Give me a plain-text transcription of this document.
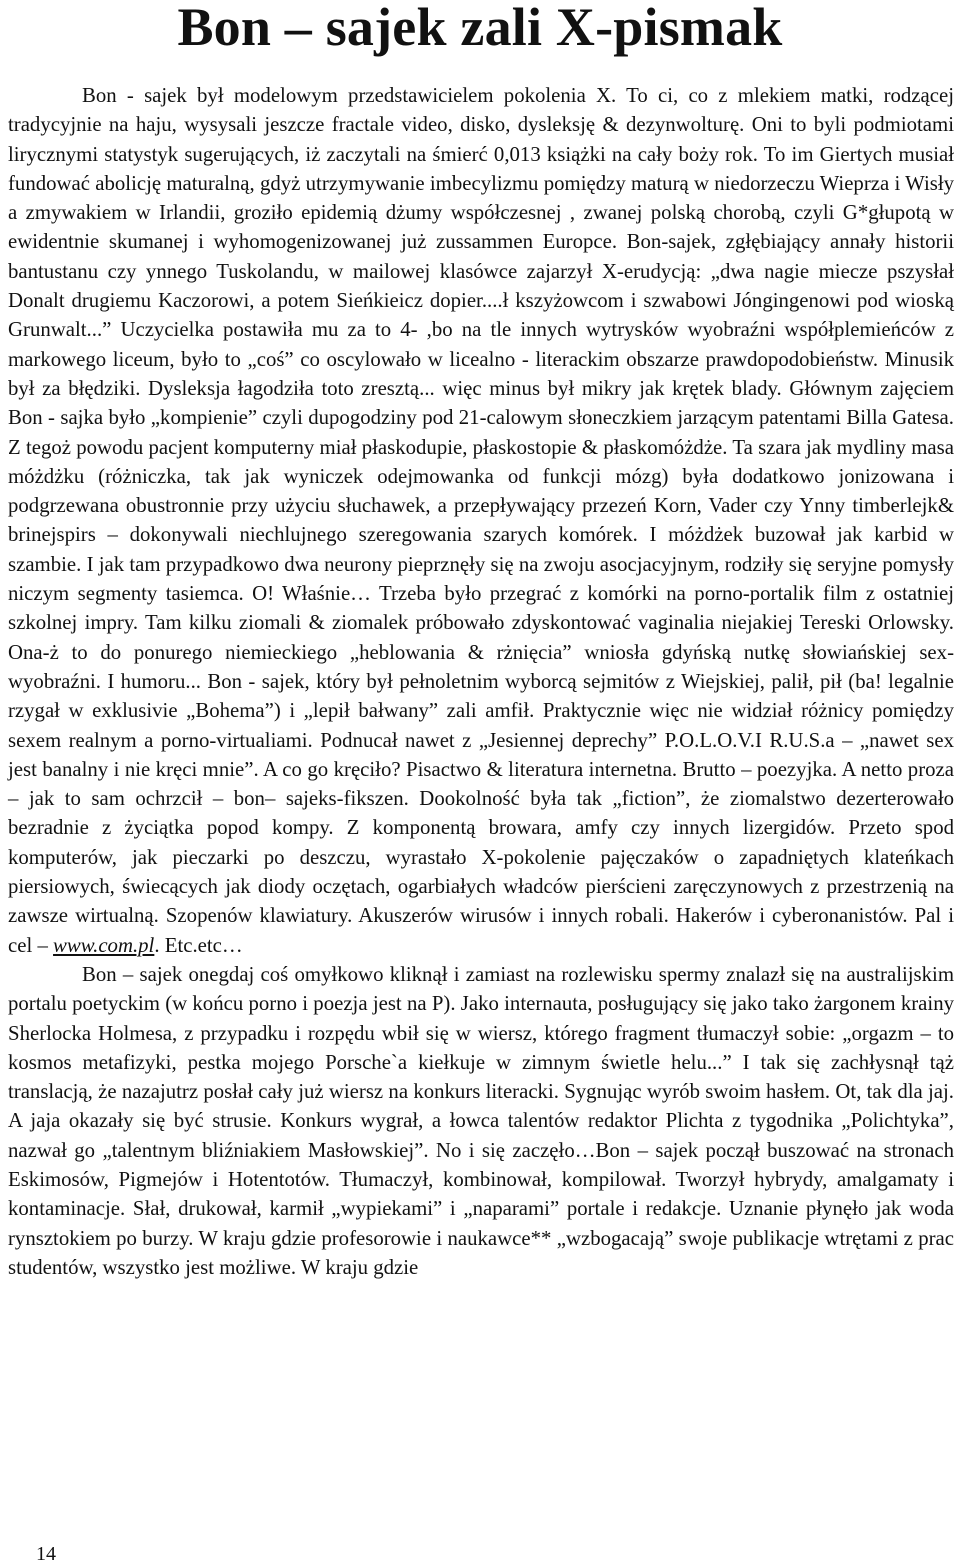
Bon – sajek zali X-pismak

Bon - sajek był modelowym przedstawicielem pokolenia X. To ci, co z mlekiem matki, rodzącej tradycyjnie na haju, wysysali jeszcze fractale video, disko, dysleksję & dezynwolturę. Oni to byli podmiotami lirycznymi statystyk sugerujących, iż zaczytali na śmierć 0,013 książki na cały boży rok. To im Giertych musiał fundować abolicję maturalną, gdyż utrzymywanie imbecylizmu pomiędzy maturą w niedorzeczu Wieprza i Wisły a zmywakiem w Irlandii, groziło epidemią dżumy współczesnej , zwanej polską chorobą, czyli G*głupotą w ewidentnie skumanej i wyhomogenizowanej już zussammen Europce. Bon-sajek, zgłębiający annały historii bantustanu czy ynnego Tuskolandu, w mailowej klasówce zajarzył X-erudycją: „dwa nagie miecze pszysłał Donalt drugiemu Kaczorowi, a potem Sieńkieicz dopier....ł kszyżowcom i szwabowi Jóngingenowi pod wioską Grunwalt...” Uczycielka postawiła mu za to 4- ,bo na tle innych wytrysków wyobraźni współplemieńców z markowego liceum, było to „coś” co oscylowało w licealno - literackim obszarze prawdopodobieństw. Minusik był za błędziki. Dysleksja łagodziła toto zresztą... więc minus był mikry jak krętek blady. Głównym zajęciem Bon - sajka było „kompienie” czyli dupogodziny pod 21-calowym słoneczkiem jarzącym patentami Billa Gatesa. Z tegoż powodu pacjent komputerny miał płaskodupie, płaskostopie & płaskomóżdże. Ta szara jak mydliny masa móżdżku (różniczka, tak jak wyniczek odejmowanka od funkcji mózg) była dodatkowo jonizowana i podgrzewana obustronnie przy użyciu słuchawek, a przepływający przezeń Korn, Vader czy Ynny timberlejk& brinejspirs – dokonywali niechlujnego szeregowania szarych komórek. I móżdżek buzował jak karbid w szambie. I jak tam przypadkowo dwa neurony pieprznęły się na zwoju asocjacyjnym, rodziły się seryjne pomysły niczym segmenty tasiemca. O! Właśnie… Trzeba było przegrać z komórki na porno-portalik film z ostatniej szkolnej impry. Tam kilku ziomali & ziomalek próbowało zdyskontować vaginalia niejakiej Tereski Orlowsky. Ona-ż to do ponurego niemieckiego „heblowania & rżnięcia” wniosła gdyńską nutkę słowiańskiej sex-wyobraźni. I humoru... Bon - sajek, który był pełnoletnim wyborcą sejmitów z Wiejskiej, palił, pił (ba! legalnie rzygał w exklusivie „Bohema”) i „lepił bałwany” zali amfił. Praktycznie więc nie widział różnicy pomiędzy sexem realnym a porno-virtualiami. Podnucał nawet z „Jesiennej deprechy” P.O.L.O.V.I R.U.S.a – „nawet sex jest banalny i nie kręci mnie”. A co go kręciło? Pisactwo & literatura internetna. Brutto – poezyjka. A netto proza – jak to sam ochrzcił – bon– sajeks-fikszen. Dookolność była tak „fiction”, że ziomalstwo dezerterowało bezradnie z życiątka popod kompy. Z komponentą browara, amfy czy innych lizergidów. Przeto spod komputerów, jak pieczarki po deszczu, wyrastało X-pokolenie pajęczaków o zapadniętych klateńkach piersiowych, świecących jak diody oczętach, ogarbiałych władców pierścieni zaręczynowych z przestrzenią na zawsze wirtualną. Szopenów klawiatury. Akuszerów wirusów i innych robali. Hakerów i cyberonanistów. Pal i cel – www.com.pl. Etc.etc…

Bon – sajek onegdaj coś omyłkowo kliknął i zamiast na rozlewisku spermy znalazł się na australijskim portalu poetyckim (w końcu porno i poezja jest na P). Jako internauta, posługujący się jako tako żargonem krainy Sherlocka Holmesa, z przypadku i rozpędu wbił się w wiersz, którego fragment tłumaczył sobie: „orgazm – to kosmos metafizyki, pestka mojego Porsche`a kiełkuje w zimnym świetle helu...” I tak się zachłysnął tąż translacją, że nazajutrz posłał cały już wiersz na konkurs literacki. Sygnując wyrób swoim hasłem. Ot, tak dla jaj. A jaja okazały się być strusie. Konkurs wygrał, a łowca talentów redaktor Plichta z tygodnika „Polichtyka”, nazwał go „talentnym bliźniakiem Masłowskiej”. No i się zaczęło…Bon – sajek począł buszować na stronach Eskimosów, Pigmejów i Hotentotów. Tłumaczył, kombinował, kompilował. Tworzył hybrydy, amalgamaty i kontaminacje. Słał, drukował, karmił „wypiekami” i „naparami” portale i redakcje. Uznanie płynęło jak woda rynsztokiem po burzy. W kraju gdzie profesorowie i naukawce** „wzbogacają” swoje publikacje wtrętami z prac studentów, wszystko jest możliwe. W kraju gdzie

14
